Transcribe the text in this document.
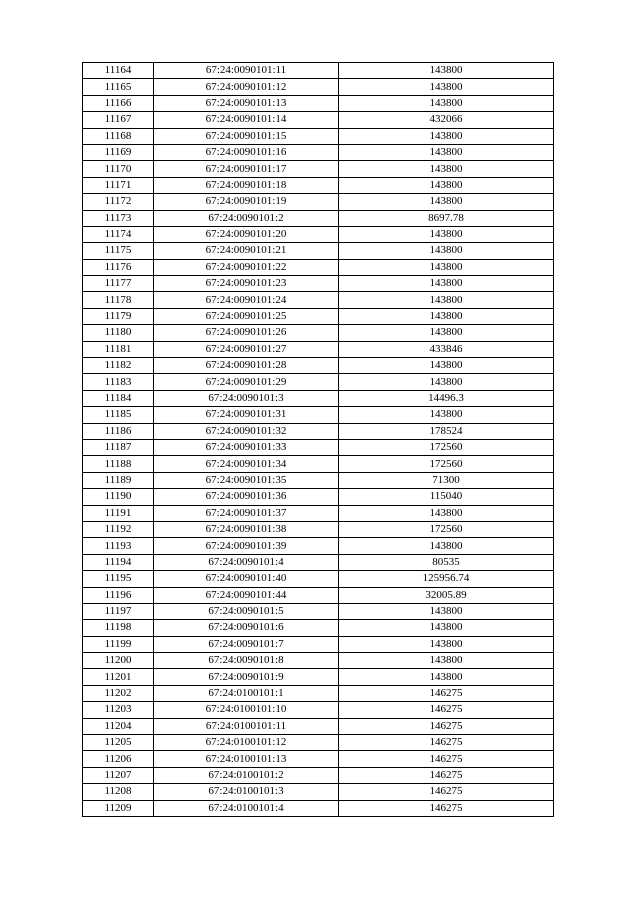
11164	67:24:0090101:11	143800
11165	67:24:0090101:12	143800
11166	67:24:0090101:13	143800
11167	67:24:0090101:14	432066
11168	67:24:0090101:15	143800
11169	67:24:0090101:16	143800
11170	67:24:0090101:17	143800
11171	67:24:0090101:18	143800
11172	67:24:0090101:19	143800
11173	67:24:0090101:2	8697.78
11174	67:24:0090101:20	143800
11175	67:24:0090101:21	143800
11176	67:24:0090101:22	143800
11177	67:24:0090101:23	143800
11178	67:24:0090101:24	143800
11179	67:24:0090101:25	143800
11180	67:24:0090101:26	143800
11181	67:24:0090101:27	433846
11182	67:24:0090101:28	143800
11183	67:24:0090101:29	143800
11184	67:24:0090101:3	14496.3
11185	67:24:0090101:31	143800
11186	67:24:0090101:32	178524
11187	67:24:0090101:33	172560
11188	67:24:0090101:34	172560
11189	67:24:0090101:35	71300
11190	67:24:0090101:36	115040
11191	67:24:0090101:37	143800
11192	67:24:0090101:38	172560
11193	67:24:0090101:39	143800
11194	67:24:0090101:4	80535
11195	67:24:0090101:40	125956.74
11196	67:24:0090101:44	32005.89
11197	67:24:0090101:5	143800
11198	67:24:0090101:6	143800
11199	67:24:0090101:7	143800
11200	67:24:0090101:8	143800
11201	67:24:0090101:9	143800
11202	67:24:0100101:1	146275
11203	67:24:0100101:10	146275
11204	67:24:0100101:11	146275
11205	67:24:0100101:12	146275
11206	67:24:0100101:13	146275
11207	67:24:0100101:2	146275
11208	67:24:0100101:3	146275
11209	67:24:0100101:4	146275
